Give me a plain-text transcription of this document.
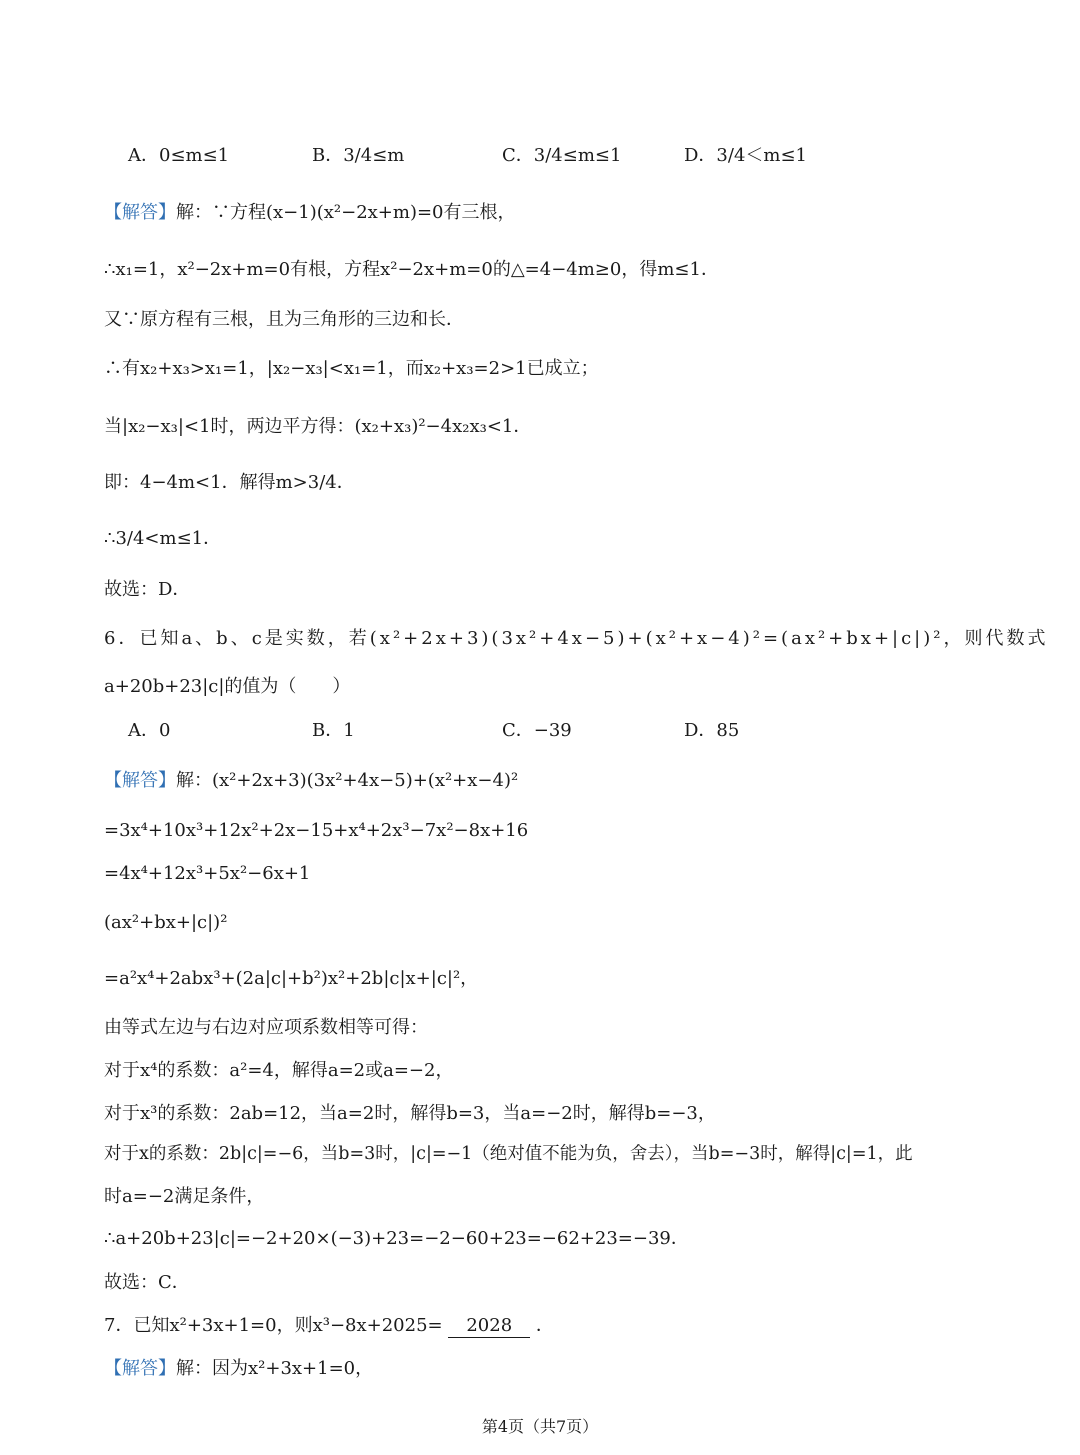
A．0≤m≤1	B．3/4≤m	C．3/4≤m≤1	D．3/4＜m≤1
【解答】解：∵方程(x−1)(x²−2x+m)=0有三根，
∴x₁=1，x²−2x+m=0有根，方程x²−2x+m=0的△=4−4m≥0，得m≤1．
又∵原方程有三根，且为三角形的三边和长．
∴有x₂+x₃>x₁=1，|x₂−x₃|<x₁=1，而x₂+x₃=2>1已成立；
当|x₂−x₃|<1时，两边平方得：(x₂+x₃)²−4x₂x₃<1．
即：4−4m<1．解得m>3/4．
∴3/4<m≤1．
故选：D．
6．已知a、b、c是实数，若(x²+2x+3)(3x²+4x−5)+(x²+x−4)²=(ax²+bx+|c|)²，则代数式
a+20b+23|c|的值为（　　）
A．0	B．1	C．−39	D．85
【解答】解：(x²+2x+3)(3x²+4x−5)+(x²+x−4)²
=3x⁴+10x³+12x²+2x−15+x⁴+2x³−7x²−8x+16
=4x⁴+12x³+5x²−6x+1
(ax²+bx+|c|)²
=a²x⁴+2abx³+(2a|c|+b²)x²+2b|c|x+|c|²，
由等式左边与右边对应项系数相等可得：
对于x⁴的系数：a²=4，解得a=2或a=−2，
对于x³的系数：2ab=12，当a=2时，解得b=3，当a=−2时，解得b=−3，
对于x的系数：2b|c|=−6，当b=3时，|c|=−1（绝对值不能为负，舍去），当b=−3时，解得|c|=1，此
时a=−2满足条件，
∴a+20b+23|c|=−2+20×(−3)+23=−2−60+23=−62+23=−39．
故选：C．
7．已知x²+3x+1=0，则x³−8x+2025= 2028 ．
【解答】解：因为x²+3x+1=0，
第4页（共7页）
